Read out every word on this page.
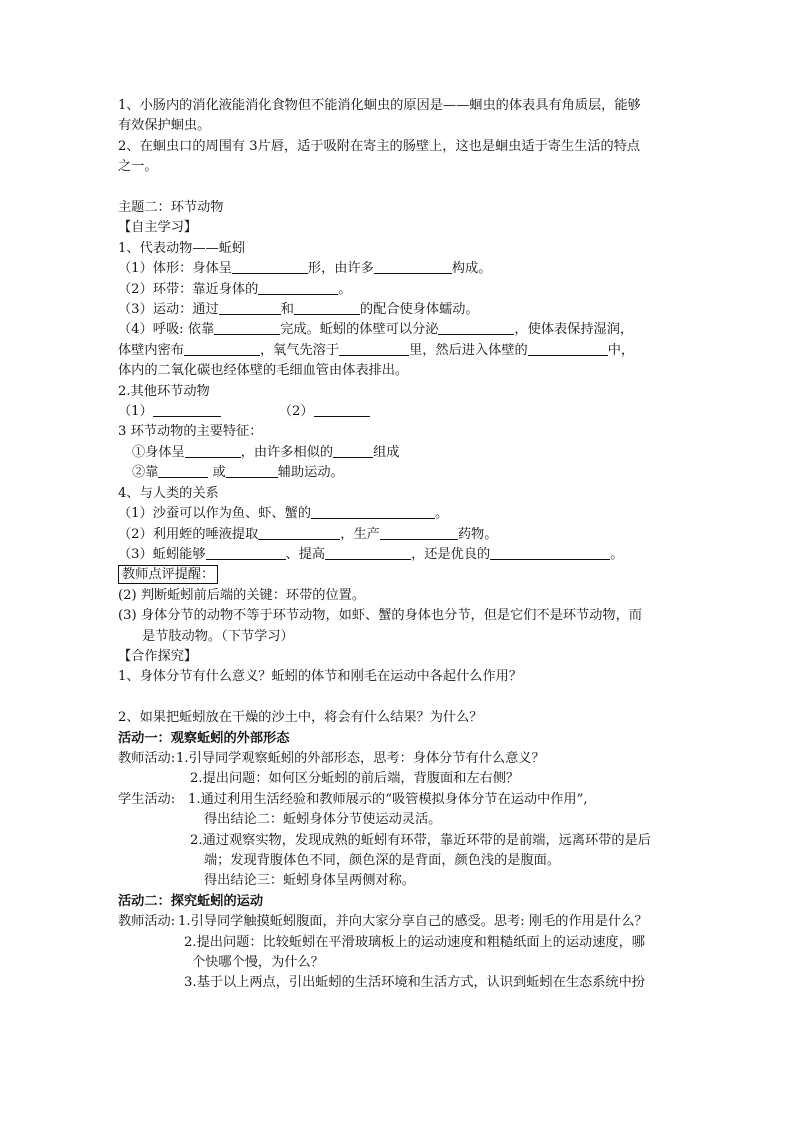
1、小肠内的消化液能消化食物但不能消化蛔虫的原因是——蛔虫的体表具有角质层，能够
有效保护蛔虫。
2、在蛔虫口的周围有 3片唇，适于吸附在寄主的肠壁上，这也是蛔虫适于寄生生活的特点
之一。
主题二：环节动物
【自主学习】
1、代表动物——蚯蚓
（1）体形：身体呈	形，由许多	构成。
（2）环带：靠近身体的	。
（3）运动：通过	和	的配合使身体蠕动。
（4）呼吸: 依靠	完成。蚯蚓的体壁可以分泌	，使体表保持湿润，
体壁内密布	，氧气先溶于	里，然后进入体壁的	中，
体内的二氧化碳也经体壁的毛细血管由体表排出。
2.其他环节动物
（1）	（2）
3 环节动物的主要特征：
①身体呈	，由许多相似的	组成
②靠	或	辅助运动。
4、与人类的关系
（1）沙蚕可以作为鱼、虾、蟹的	。
（2）利用蛭的唾液提取	，生产	药物。
（3）蚯蚓能够	、提高	，还是优良的	。
教师点评提醒：
(2) 判断蚯蚓前后端的关键：环带的位置。
(3) 身体分节的动物不等于环节动物，如虾、蟹的身体也分节，但是它们不是环节动物，而
是节肢动物。（下节学习）
【合作探究】
1、身体分节有什么意义？蚯蚓的体节和刚毛在运动中各起什么作用？
2、如果把蚯蚓放在干燥的沙土中，将会有什么结果？为什么？
活动一：观察蚯蚓的外部形态
教师活动: 1.引导同学观察蚯蚓的外部形态，思考：身体分节有什么意义？
2.提出问题：如何区分蚯蚓的前后端，背腹面和左右侧？
学生活动: 1.通过利用生活经验和教师展示的“吸管模拟身体分节在运动中作用”,
得出结论二：蚯蚓身体分节使运动灵活。
2.通过观察实物，发现成熟的蚯蚓有环带，靠近环带的是前端，远离环带的是后
端；发现背腹体色不同，颜色深的是背面，颜色浅的是腹面。
得出结论三：蚯蚓身体呈两侧对称。
活动二：探究蚯蚓的运动
教师活动: 1.引导同学触摸蚯蚓腹面，并向大家分享自己的感受。思考: 刚毛的作用是什么？
2.提出问题：比较蚯蚓在平滑玻璃板上的运动速度和粗糙纸面上的运动速度，哪
个快哪个慢，为什么？
3.基于以上两点，引出蚯蚓的生活环境和生活方式，认识到蚯蚓在生态系统中扮
